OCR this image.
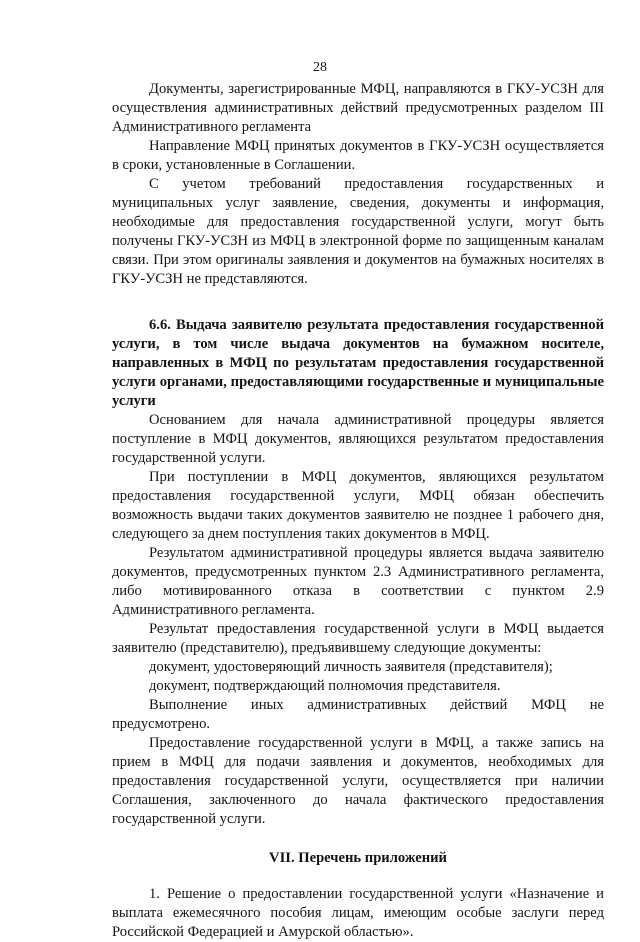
28

Документы, зарегистрированные МФЦ, направляются в ГКУ-УСЗН для осуществления административных действий предусмотренных разделом III Административного регламента

Направление МФЦ принятых документов в ГКУ-УСЗН осуществляется в сроки, установленные в Соглашении.

С учетом требований предоставления государственных и муниципальных услуг заявление, сведения, документы и информация, необходимые для предоставления государственной услуги, могут быть получены ГКУ-УСЗН из МФЦ в электронной форме по защищенным каналам связи. При этом оригиналы заявления и документов на бумажных носителях в ГКУ-УСЗН не представляются.

6.6. Выдача заявителю результата предоставления государственной услуги, в том числе выдача документов на бумажном носителе, направленных в МФЦ по результатам предоставления государственной услуги органами, предоставляющими государственные и муниципальные услуги

Основанием для начала административной процедуры является поступление в МФЦ документов, являющихся результатом предоставления государственной услуги.

При поступлении в МФЦ документов, являющихся результатом предоставления государственной услуги, МФЦ обязан обеспечить возможность выдачи таких документов заявителю не позднее 1 рабочего дня, следующего за днем поступления таких документов в МФЦ.

Результатом административной процедуры является выдача заявителю документов, предусмотренных пунктом 2.3 Административного регламента, либо мотивированного отказа в соответствии с пунктом 2.9 Административного регламента.

Результат предоставления государственной услуги в МФЦ выдается заявителю (представителю), предъявившему следующие документы:

документ, удостоверяющий личность заявителя (представителя);

документ, подтверждающий полномочия представителя.

Выполнение иных административных действий МФЦ не предусмотрено.

Предоставление государственной услуги в МФЦ, а также запись на прием в МФЦ для подачи заявления и документов, необходимых для предоставления государственной услуги, осуществляется при наличии Соглашения, заключенного до начала фактического предоставления государственной услуги.

VII. Перечень приложений

1. Решение о предоставлении государственной услуги «Назначение и выплата ежемесячного пособия лицам, имеющим особые заслуги перед Российской Федерацией и Амурской областью».
